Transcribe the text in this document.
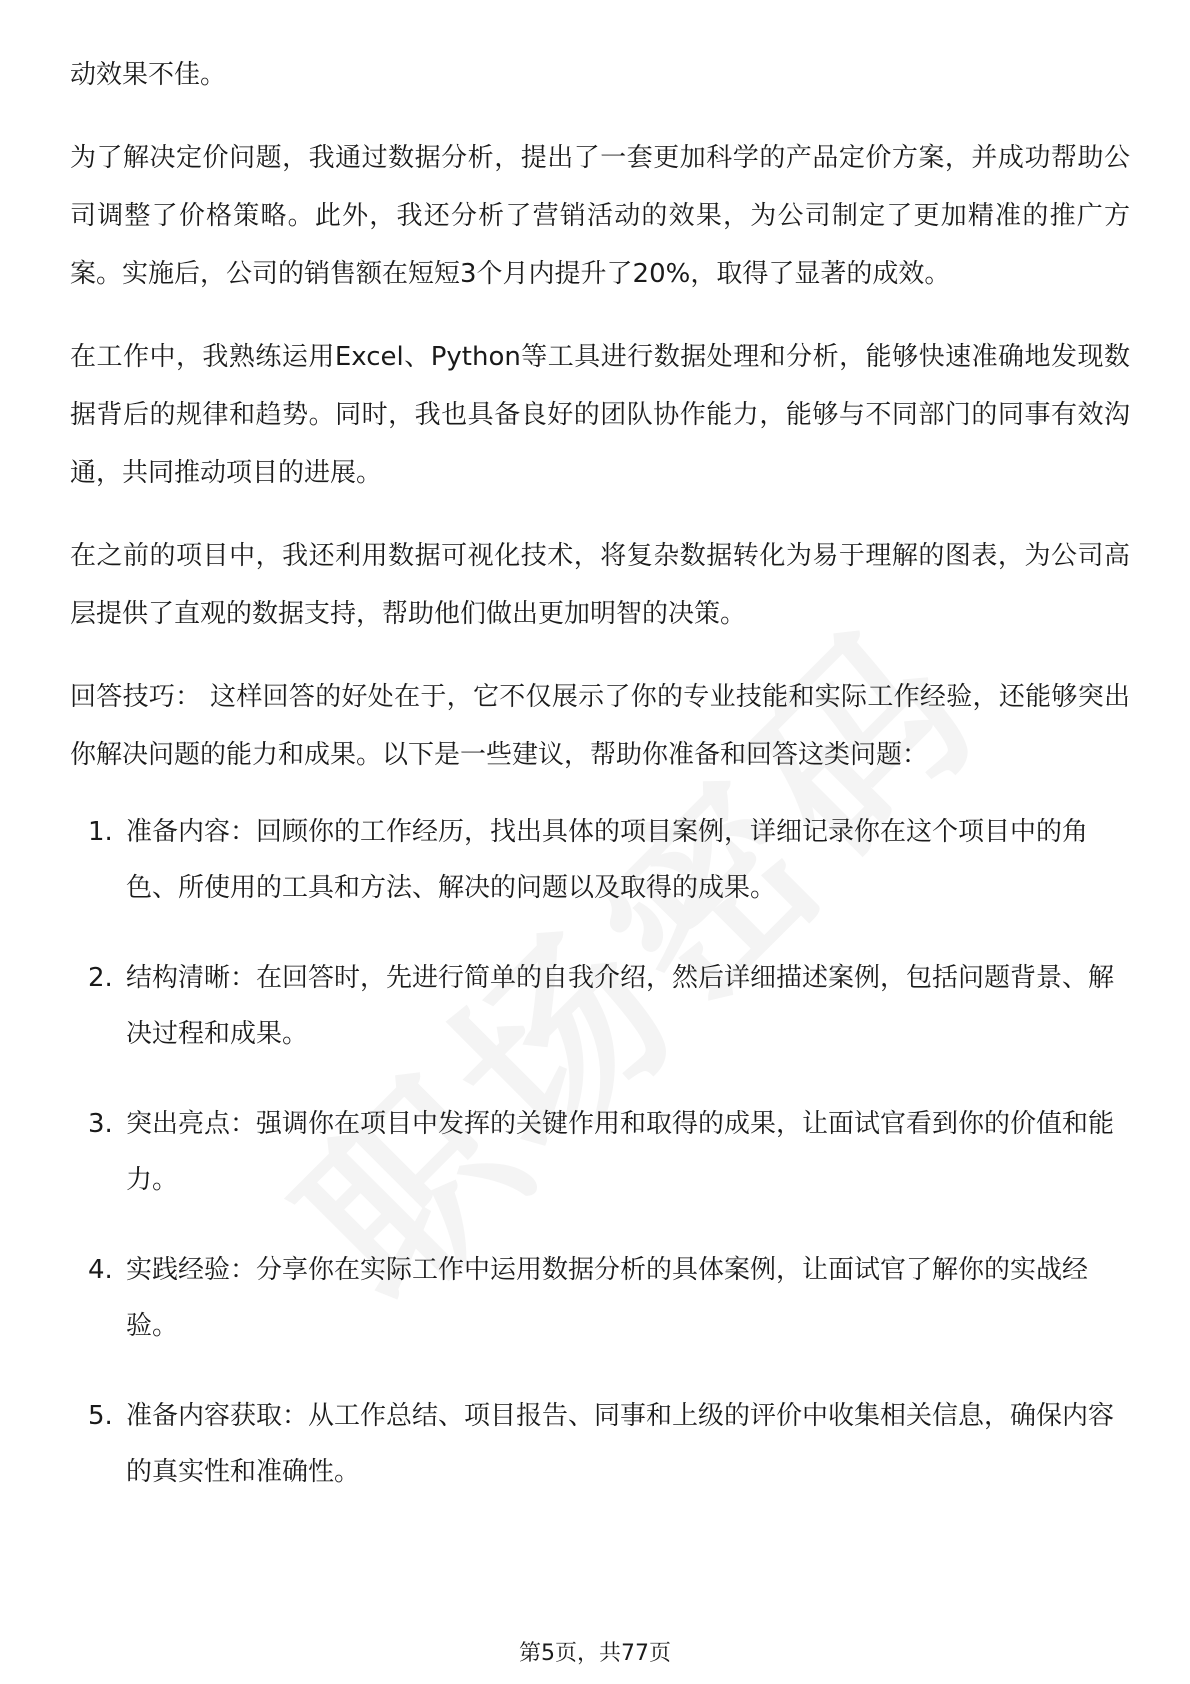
动效果不佳。

为了解决定价问题，我通过数据分析，提出了一套更加科学的产品定价方案，并成功帮助公司调整了价格策略。此外，我还分析了营销活动的效果，为公司制定了更加精准的推广方案。实施后，公司的销售额在短短3个月内提升了20%，取得了显著的成效。

在工作中，我熟练运用Excel、Python等工具进行数据处理和分析，能够快速准确地发现数据背后的规律和趋势。同时，我也具备良好的团队协作能力，能够与不同部门的同事有效沟通，共同推动项目的进展。

在之前的项目中，我还利用数据可视化技术，将复杂数据转化为易于理解的图表，为公司高层提供了直观的数据支持，帮助他们做出更加明智的决策。

回答技巧： 这样回答的好处在于，它不仅展示了你的专业技能和实际工作经验，还能够突出你解决问题的能力和成果。以下是一些建议，帮助你准备和回答这类问题：

1. 准备内容：回顾你的工作经历，找出具体的项目案例，详细记录你在这个项目中的角色、所使用的工具和方法、解决的问题以及取得的成果。
2. 结构清晰：在回答时，先进行简单的自我介绍，然后详细描述案例，包括问题背景、解决过程和成果。
3. 突出亮点：强调你在项目中发挥的关键作用和取得的成果，让面试官看到你的价值和能力。
4. 实践经验：分享你在实际工作中运用数据分析的具体案例，让面试官了解你的实战经验。
5. 准备内容获取：从工作总结、项目报告、同事和上级的评价中收集相关信息，确保内容的真实性和准确性。
第5页，共77页
